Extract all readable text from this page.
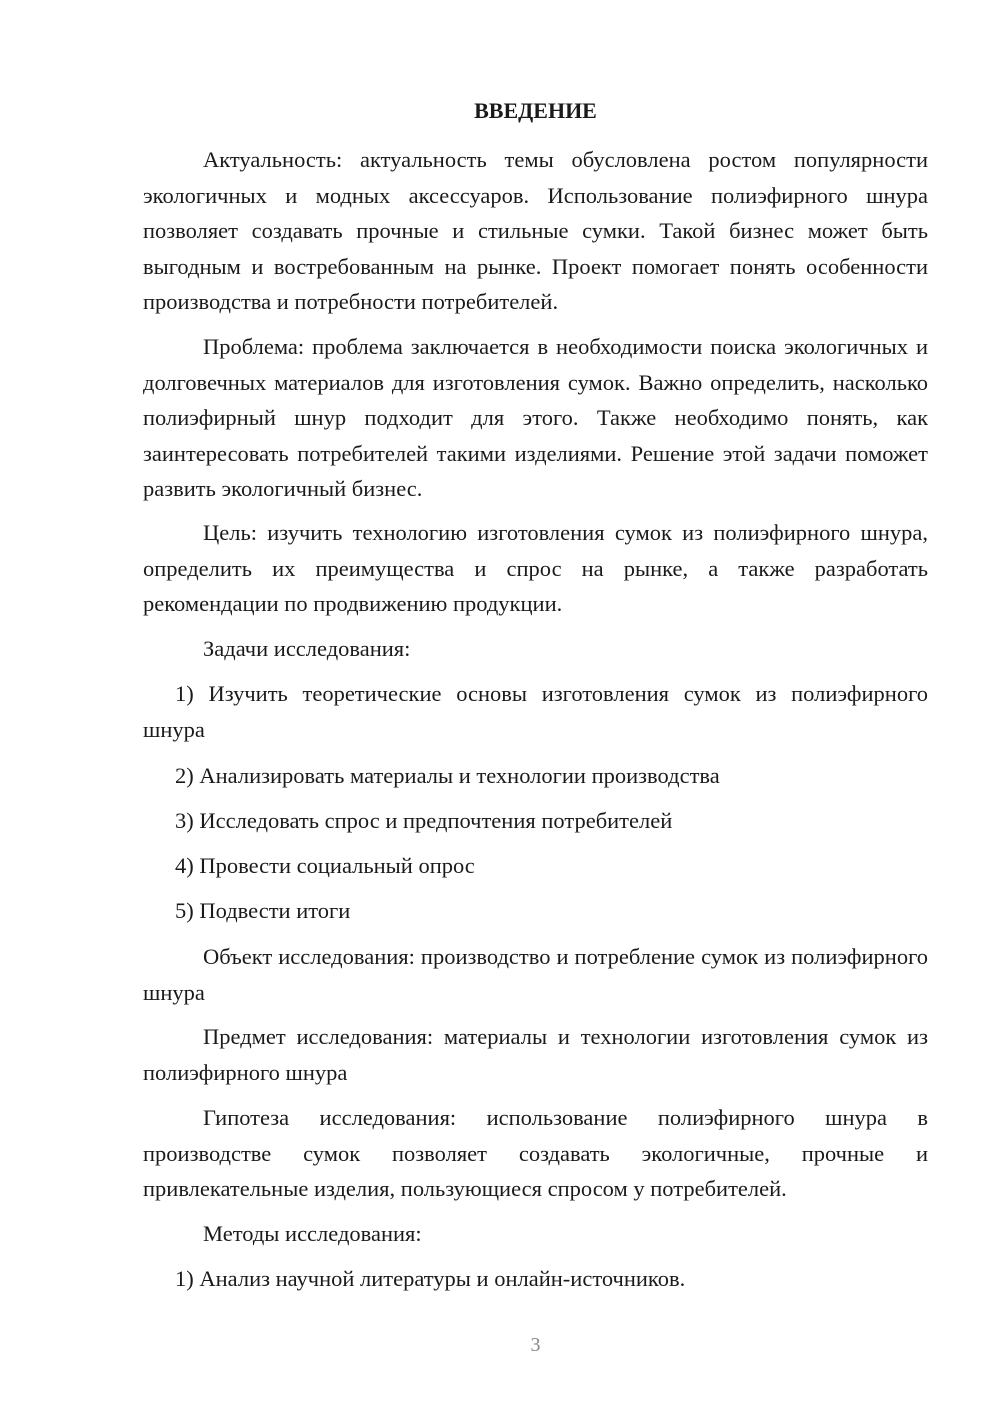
ВВЕДЕНИЕ
Актуальность: актуальность темы обусловлена ростом популярности экологичных и модных аксессуаров. Использование полиэфирного шнура позволяет создавать прочные и стильные сумки. Такой бизнес может быть выгодным и востребованным на рынке. Проект помогает понять особенности производства и потребности потребителей.
Проблема: проблема заключается в необходимости поиска экологичных и долговечных материалов для изготовления сумок. Важно определить, насколько полиэфирный шнур подходит для этого. Также необходимо понять, как заинтересовать потребителей такими изделиями. Решение этой задачи поможет развить экологичный бизнес.
Цель: изучить технологию изготовления сумок из полиэфирного шнура, определить их преимущества и спрос на рынке, а также разработать рекомендации по продвижению продукции.
Задачи исследования:
1) Изучить теоретические основы изготовления сумок из полиэфирного шнура
2) Анализировать материалы и технологии производства
3) Исследовать спрос и предпочтения потребителей
4) Провести социальный опрос
5) Подвести итоги
Объект исследования: производство и потребление сумок из полиэфирного шнура
Предмет исследования: материалы и технологии изготовления сумок из полиэфирного шнура
Гипотеза исследования: использование полиэфирного шнура в производстве сумок позволяет создавать экологичные, прочные и привлекательные изделия, пользующиеся спросом у потребителей.
Методы исследования:
1) Анализ научной литературы и онлайн-источников.
3
